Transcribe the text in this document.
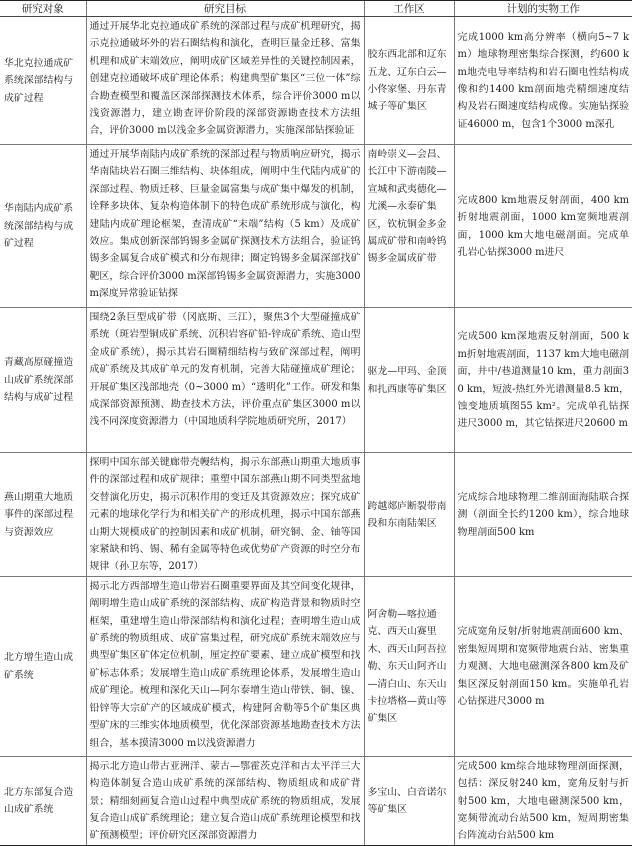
研究对象	研究目标	工作区	计划的实物工作
华北克拉通成矿系统深部结构与成矿过程	通过开展华北克拉通成矿系统的深部过程与成矿机理研究，揭示克拉通破坏外的岩石圈结构和演化，查明巨量金迁移、富集机理和成矿末端效应，阐明成矿区域差异性的关键控制因素，创建克拉通破坏成矿理论体系；构建典型矿集区“三位一体”综合勘查模型和覆盖区深部探测技术体系，综合评价3000 m以浅资源潜力，建立勘查评价阶段的深部资源勘查技术方法组合，评价3000 m以浅金多金属资源潜力，实施深部钻探验证	胶东西北部和辽东五龙、辽东白云—小佟家堡、丹东青城子等矿集区	完成1000 km高分辨率（横向5~7 km）地球物理密集综合探测，约600 km地壳电导率结构和岩石圈电性结构成像和约1400 km剖面地壳精细速度结构及岩石圈速度结构成像。实施钻探验证46000 m，包含1个3000 m深孔
华南陆内成矿系统深部结构与成矿过程	通过开展华南陆内成矿系统的深部过程与物质响应研究，揭示华南陆块岩石圈三维结构、块体组成，阐明中生代陆内成矿的深部过程、物质迁移、巨量金属富集与成矿集中爆发的机制，诠释多块体、复杂构造体制下的特色成矿系统形成与演化，构建陆内成矿理论框架，查清成矿“末端”结构（5 km）及成矿效应。集成创新深部钨锡多金属矿探测技术方法组合，验证钨锡多金属复合成矿模式和分布规律；圈定钨锡多金属深部找矿靶区，综合评价3000 m深部钨锡多金属资源潜力，实施3000 m深度异常验证钻探	南岭崇义—会昌、长江中下游南陵—宣城和武夷德化—尤溪—永泰矿集区，钦杭铜金多金属成矿带和南岭钨锡多金属成矿带	完成800 km地震反射剖面，400 km折射地震剖面，1000 km宽频地震剖面，1000 km大地电磁剖面。完成单孔岩心钻探3000 m进尺
青藏高原碰撞造山成矿系统深部结构与成矿过程	围绕2条巨型成矿带（冈底斯、三江），聚焦3个大型碰撞成矿系统（斑岩型铜成矿系统、沉积岩容矿铅-锌成矿系统、造山型金成矿系统），揭示其岩石圈精细结构与致矿深部过程，阐明成矿系统及其成矿单元的发育机制，完善大陆碰撞成矿理论；开展矿集区浅部地壳（0~3000 m）“透明化”工作。研发和集成深部资源预测、勘查技术方法，评价重点矿集区3000 m以浅不同深度资源潜力（中国地质科学院地质研究所，2017）	驱龙—甲玛、金顶和扎西康等矿集区	完成500 km深地震反射剖面，500 km折射地震剖面，1137 km大地电磁剖面，井中/巷道测量10 km，重力剖面30 km，短波-热红外光谱测量8.5 km，蚀变地质填图55 km²。完成单孔钻探进尺3000 m，其它钻探进尺20600 m
燕山期重大地质事件的深部过程与资源效应	探明中国东部关键廊带壳幔结构，揭示东部燕山期重大地质事件的深部过程和成矿规律；重塑中国东部燕山期不同类型盆地交替演化历史，揭示沉积作用的变迁及其资源效应；探究成矿元素的地球化学行为和相关矿产的形成机理，揭示中国东部燕山期大规模成矿的控制因素和成矿机制，研究铜、金、铀等国家紧缺和钨、锡、稀有金属等特色或优势矿产资源的时空分布规律（孙卫东等，2017）	跨越郯庐断裂带南段和东南陆架区	完成综合地球物理二维剖面海陆联合探测（剖面全长约1200 km），综合地球物理剖面500 km
北方增生造山成矿系统	揭示北方西部增生造山带岩石圈重要界面及其空间变化规律，阐明增生造山成矿系统的深部结构、成矿构造背景和物质时空框架，重建增生造山带深部结构和演化过程；查明增生造山成矿系统的物质组成、成矿富集过程，研究成矿系统末端效应与典型矿集区矿体定位机制，厘定控矿要素、建立成矿模型和找矿标志体系；发展增生造山成矿系统理论体系，发展增生造山成矿理论。梳理和深化天山—阿尔泰增生造山带铁、铜、镍、铅锌等大宗矿产的区域成矿模式，构建阿舍勒等5个矿集区典型矿床的三维实体地质模型，优化深部资源基地勘查技术方法组合，基本摸清3000 m以浅资源潜力	阿舍勒—喀拉通克、西天山赛里木、西天山阿吾拉勒、东天山阿齐山—清白山、东天山卡拉塔格—黄山等矿集区	完成宽角反射/折射地震剖面600 km、密集短周期和宽频带地震台站、密集重力观测、大地电磁测深各800 km及矿集区深反射剖面150 km。实施单孔岩心钻探进尺3000 m
北方东部复合造山成矿系统	揭示北方造山带古亚洲洋、蒙古—鄂霍茨克洋和古太平洋三大构造体制复合造山成矿系统的深部结构、物质组成和成矿背景；精细刻画复合造山过程中典型成矿系统的物质组成，发展复合造山成矿系统理论；建立复合造山成矿系统理论模型和找矿预测模型；评价研究区深部资源潜力	多宝山、白音诺尔等矿集区	完成500 km综合地球物理剖面探测，包括：深反射240 km，宽角反射与折射500 km，大地电磁测深500 km，宽频带流动台站500 km，短周期密集台阵流动台站500 km
